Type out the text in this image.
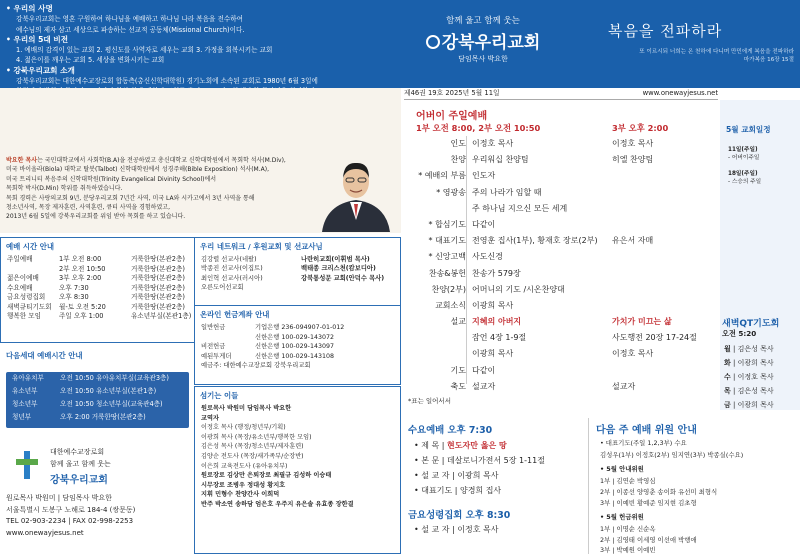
• 우리의 사명
강북우리교회는 영혼 구원하여 하나님을 예배하고 하나님 나라 복음을 전수하여
예수님의 제자 삼고 세상으로 파송하는 선교적 공동체(Missional Church)이다.
• 우리의 5대 비전
1. 예배의 감격이 있는 교회 2. 평신도를 사역자로 세우는 교회 3. 가정을 회복시키는 교회
4. 젊은이를 깨우는 교회 5. 세상을 변화시키는 교회
• 강북우리교회 소개
강북우리교회는 대한예수교장로회 합동측(총신신학대학원) 경기노회에 소속된 교회로 1980년 6월 3일에
함께 울고 함께 웃는
강북우리교회
담임목사 박요한
복음을 전파하라
또 이르시되 너희는 온 천하에 다니며 만민에게 복음을 전파하라
마가복음 16장 15절
박요한 목사는 국민대학교에서 사회학(B.A)을 전공하였고 총신대학교 신학대학원에서 목회학 석사(M.Div),
미국 바이올라(Biola) 대학교 탈봇(Talbot) 신학대학원에서 성경주해(Bible Exposition) 석사(M.A),
미국 트리니티 복음주의 신학대학원(Trinity Evangelical Divinity School)에서
목회학 박사(D.Min) 학위를 취득하였습니다.
목회 경력은 사랑의교회 9년, 분당우리교회 7년간 사역, 미국 LA와 시카고에서 3년 사역을 통해
청소년사역, 목장 제자훈련, 사역훈련, 큐티 사역을 경험하였고,
2013년 6월 5일에 강북우리교회를 위임 받아 목회를 하고 있습니다.
예배 시간 안내
주일예배	1부 오전 8:00	거룩한땅(본관2층)
2부 오전 10:50	거룩한땅(본관2층)
젊은이예배	3부 오후 2:00	거룩한땅(본관2층)
수요예배	오후 7:30	거룩한땅(본관2층)
금요성령집회 오후 8:30	거룩한땅(본관2층)
새벽큐티기도회 월-토 오전 5:20	거룩한땅(본관2층)
행복한 모임	주일 오후 1:00	유소년부실(본관1층)
다음세대 예배시간 안내
유아유치부 오전 10:50 유아유치부실(교육관3층)
유소년부	오전 10:50 유소년부실(본관1층)
청소년부	오전 10:50 청소년부실(교육관4층)
청년부	오후 2:00 거룩한땅(본관2층)
대한예수교장로회
함께 울고 함께 웃는
강북우리교회
원로목사 박원미 | 담임목사 박요한
서울특별시 도봉구 노해로 184-4 (쌍문동)
TEL 02-903-2234 | FAX 02-998-2253
www.onewayjesus.net
우리 네트워크 / 후원교회 및 선교사님
김강렬 선교사(네팔)	나란히교회(이휘범 목사)
박종진 선교사(이집트)	백태종 크리스천(캄보디아)
최인혁 선교사(러시아)	강북통성문 교회(안덕수 목사)
오른도어선교회
온라인 헌금계좌 안내
일반헌금	기업은행 236-094907-01-012
신한은행 100-029-143072
비전헌금	신한은행 100-029-143097
예된투게더	신한은행 100-029-143108
예금주: 대한예수교장로회 강북우리교회
섬기는 이들
원로목사 박원미 담임목사 박요한
교역자
이정호 목사 (행정/청년부/기획)
이광희 목사 (목장/유소년부/행복한 모임)
김은성 목사 (목장/청소년부/제자훈련)
김양순 전도사 (목장/새가족부/순장반)
이은희 교육전도사 (유아유치부)
원로장로 김상만 은퇴장로 최필규 김성하 이승태
시무장로 조병우 정대성 황지호
지휘 민형수 찬양간사 이희덕
반주 박소연 송하담 엄은호 우주지 유은솔 유효종 장한결
제46권 19호 2025년 5월 11일	www.onewayjesus.net
어버이 주일예배
1부 오전 8:00, 2부 오전 10:50	3부 오후 2:00
인도 이정호 목사	이정호 목사
찬양 우리워십 찬양팀	히엘 찬양팀
* 예배의 부름 인도자
* 영광송 주의 나라가 임할 때
주 하나님 지으신 모든 세계
* 합심기도 다같이
* 대표기도 전영훈 집사(1부), 황재호 장로(2부) 유은서 자매
* 신앙고백 사도신경
찬송&봉헌 찬송가 579장
찬양(2부) 어머니의 기도 /시온찬양대
교회소식 이광희 목사
설교 지혜의 아버지	가치가 미끄는 삶
잠언 4장 1-9절	사도행전 20장 17-24절
이광희 목사	이정호 목사
기도 다같이
축도 설교자	설교자
*표는 일어서서
수요예배 오후 7:30
• 제 목 | 현도자만 옳은 땅
• 본 문 | 데살로니가전서 5장 1-11절
• 설 교 자 | 이광희 목사
• 대표기도 | 양경희 집사
금요성령집회 오후 8:30
• 설 교 자 | 이정호 목사
5월 교회일정
11일(주일)
- 어버이주일
18일(주일)
- 스승의 주일
새벽QT기도회
오전 5:20
월 | 김은성 목사
화 | 이광희 목사
수 | 이정호 목사
목 | 김은성 목사
금 | 이광희 목사
다음 주 예배 위원 안내
• 대표기도(주일 1,2,3부) 수요
김성우(1부) 이정호(2부) 임지연(3부) 박종실(수요)
• 5월 안내위원
1부 | 김연순 박영심
2부 | 이종선 양영춘 송이화 유선미 최형식
3부 | 이예빈 황예준 임지현 김초형
• 5월 헌금위원
1부 | 이명순 신순옥
2부 | 김영태 이세영 이선애 박행애
3부 | 박예원 이예빈
